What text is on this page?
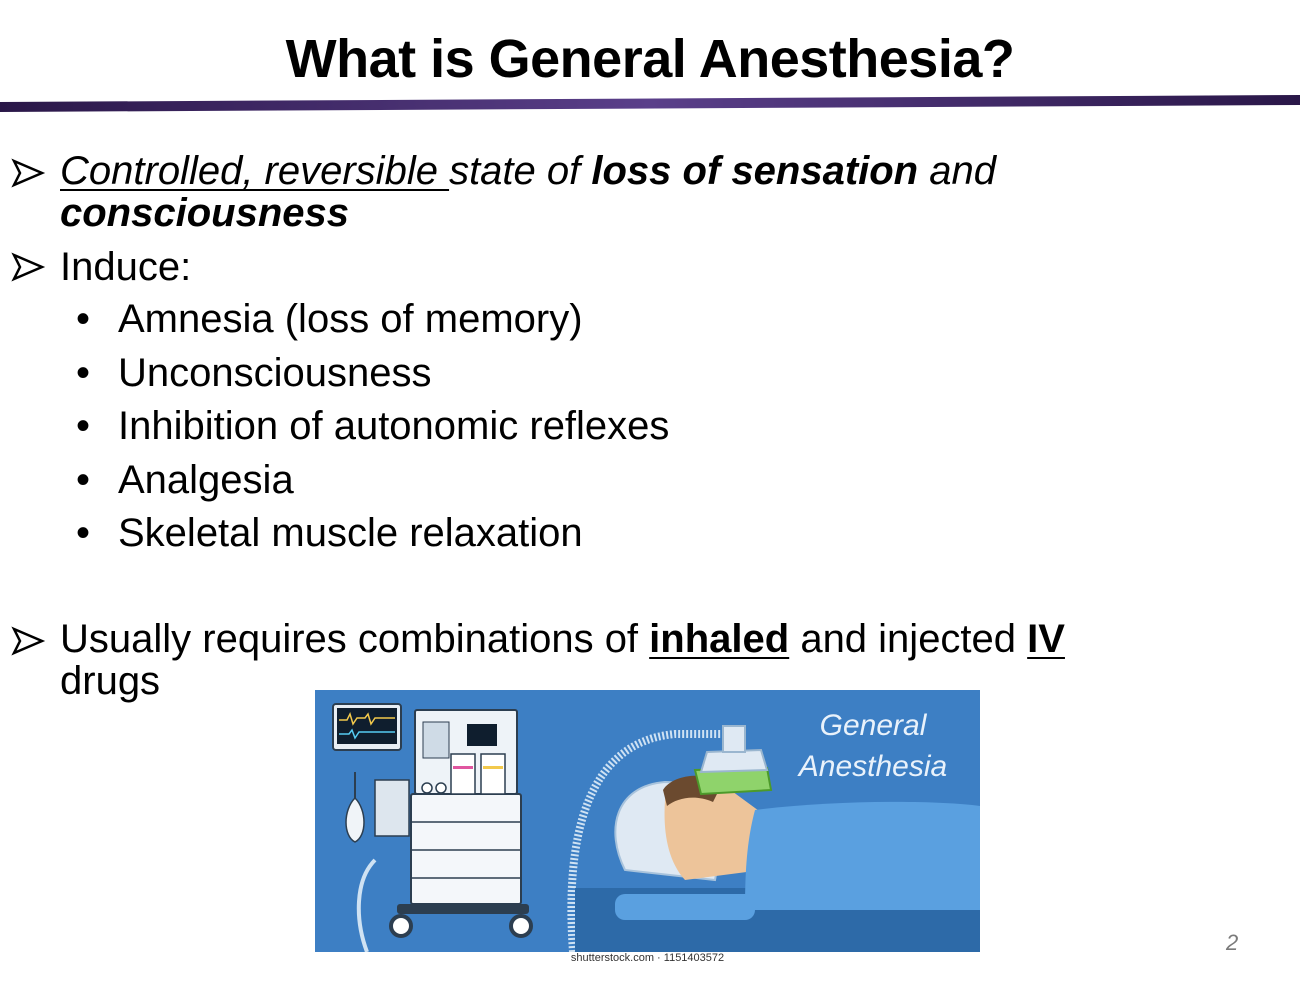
What is General Anesthesia?
Controlled, reversible state of loss of sensation and
consciousness
Induce:
• Amnesia (loss of memory)
• Unconsciousness
• Inhibition of autonomic reflexes
• Analgesia
• Skeletal muscle relaxation
Usually requires combinations of inhaled and injected IV
drugs
General
Anesthesia
shutterstock.com · 1151403572
2
